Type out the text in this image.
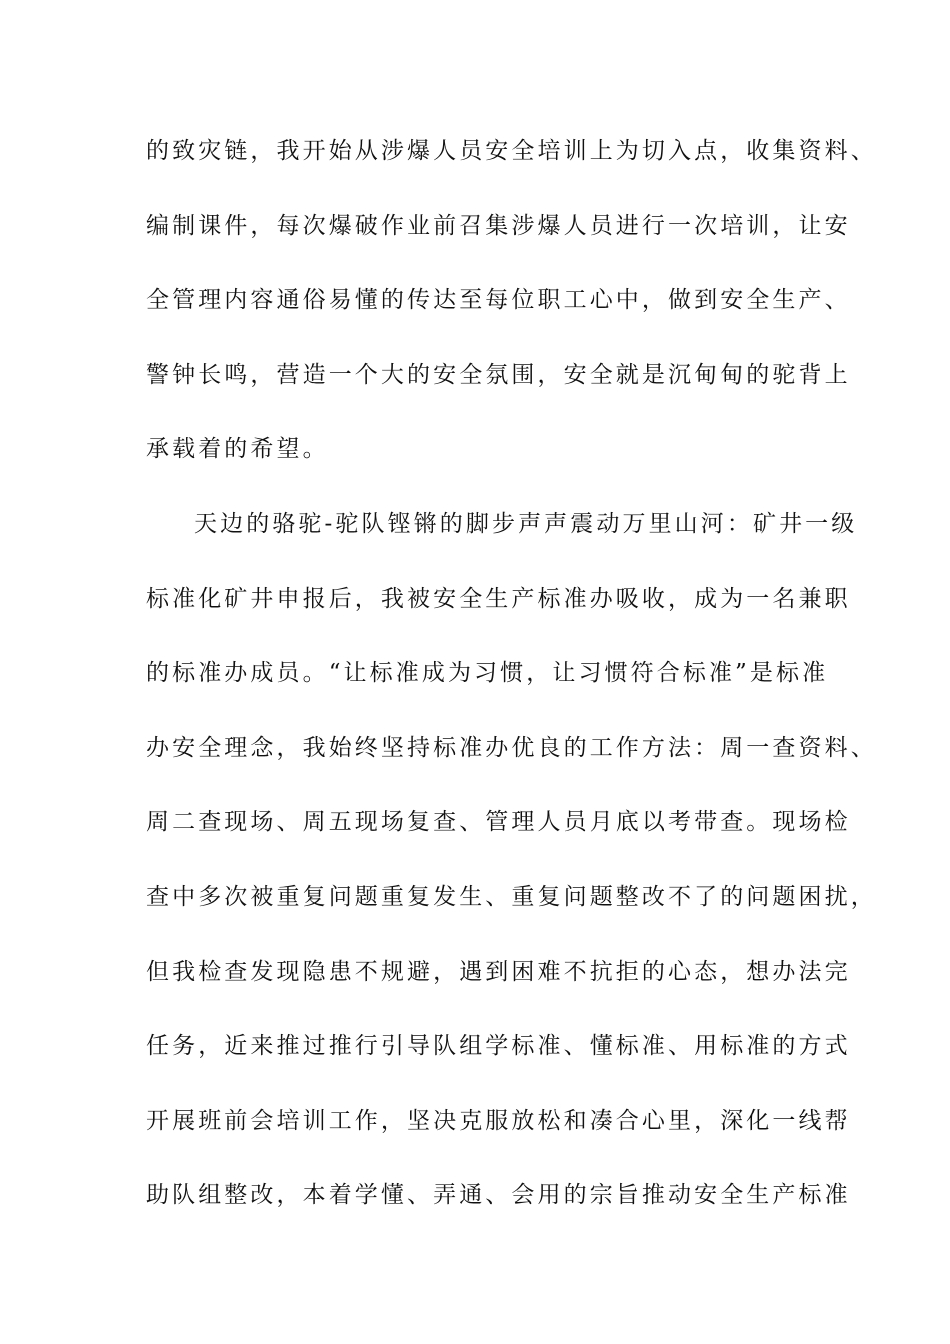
的致灾链，我开始从涉爆人员安全培训上为切入点，收集资料、
编制课件，每次爆破作业前召集涉爆人员进行一次培训，让安
全管理内容通俗易懂的传达至每位职工心中，做到安全生产、
警钟长鸣，营造一个大的安全氛围，安全就是沉甸甸的驼背上
承载着的希望。
天边的骆驼-驼队铿锵的脚步声声震动万里山河：矿井一级
标准化矿井申报后，我被安全生产标准办吸收，成为一名兼职
的标准办成员。“让标准成为习惯，让习惯符合标准”是标准
办安全理念，我始终坚持标准办优良的工作方法：周一查资料、
周二查现场、周五现场复查、管理人员月底以考带查。现场检
查中多次被重复问题重复发生、重复问题整改不了的问题困扰，
但我检查发现隐患不规避，遇到困难不抗拒的心态，想办法完
任务，近来推过推行引导队组学标准、懂标准、用标准的方式
开展班前会培训工作，坚决克服放松和凑合心里，深化一线帮
助队组整改，本着学懂、弄通、会用的宗旨推动安全生产标准
